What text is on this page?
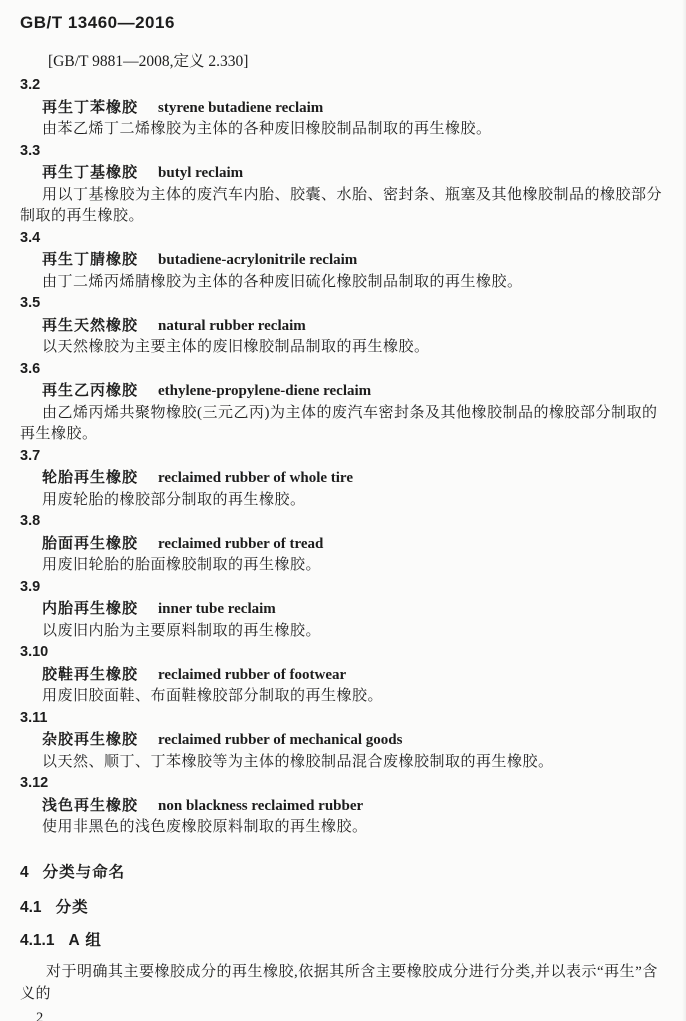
GB/T 13460—2016
[GB/T 9881—2008,定义 2.330]
3.2
再生丁苯橡胶 styrene butadiene reclaim

由苯乙烯丁二烯橡胶为主体的各种废旧橡胶制品制取的再生橡胶。

3.3
再生丁基橡胶 butyl reclaim

用以丁基橡胶为主体的废汽车内胎、胶囊、水胎、密封条、瓶塞及其他橡胶制品的橡胶部分制取的再生橡胶。

3.4
再生丁腈橡胶 butadiene-acrylonitrile reclaim

由丁二烯丙烯腈橡胶为主体的各种废旧硫化橡胶制品制取的再生橡胶。

3.5
再生天然橡胶 natural rubber reclaim

以天然橡胶为主要主体的废旧橡胶制品制取的再生橡胶。

3.6
再生乙丙橡胶 ethylene-propylene-diene reclaim

由乙烯丙烯共聚物橡胶(三元乙丙)为主体的废汽车密封条及其他橡胶制品的橡胶部分制取的再生橡胶。

3.7
轮胎再生橡胶 reclaimed rubber of whole tire

用废轮胎的橡胶部分制取的再生橡胶。

3.8
胎面再生橡胶 reclaimed rubber of tread

用废旧轮胎的胎面橡胶制取的再生橡胶。

3.9
内胎再生橡胶 inner tube reclaim

以废旧内胎为主要原料制取的再生橡胶。

3.10
胶鞋再生橡胶 reclaimed rubber of footwear

用废旧胶面鞋、布面鞋橡胶部分制取的再生橡胶。

3.11
杂胶再生橡胶 reclaimed rubber of mechanical goods

以天然、顺丁、丁苯橡胶等为主体的橡胶制品混合废橡胶制取的再生橡胶。

3.12
浅色再生橡胶 non blackness reclaimed rubber

使用非黑色的浅色废橡胶原料制取的再生橡胶。

4 分类与命名
4.1 分类
4.1.1 A 组

对于明确其主要橡胶成分的再生橡胶,依据其所含主要橡胶成分进行分类,并以表示“再生”含义的

2
